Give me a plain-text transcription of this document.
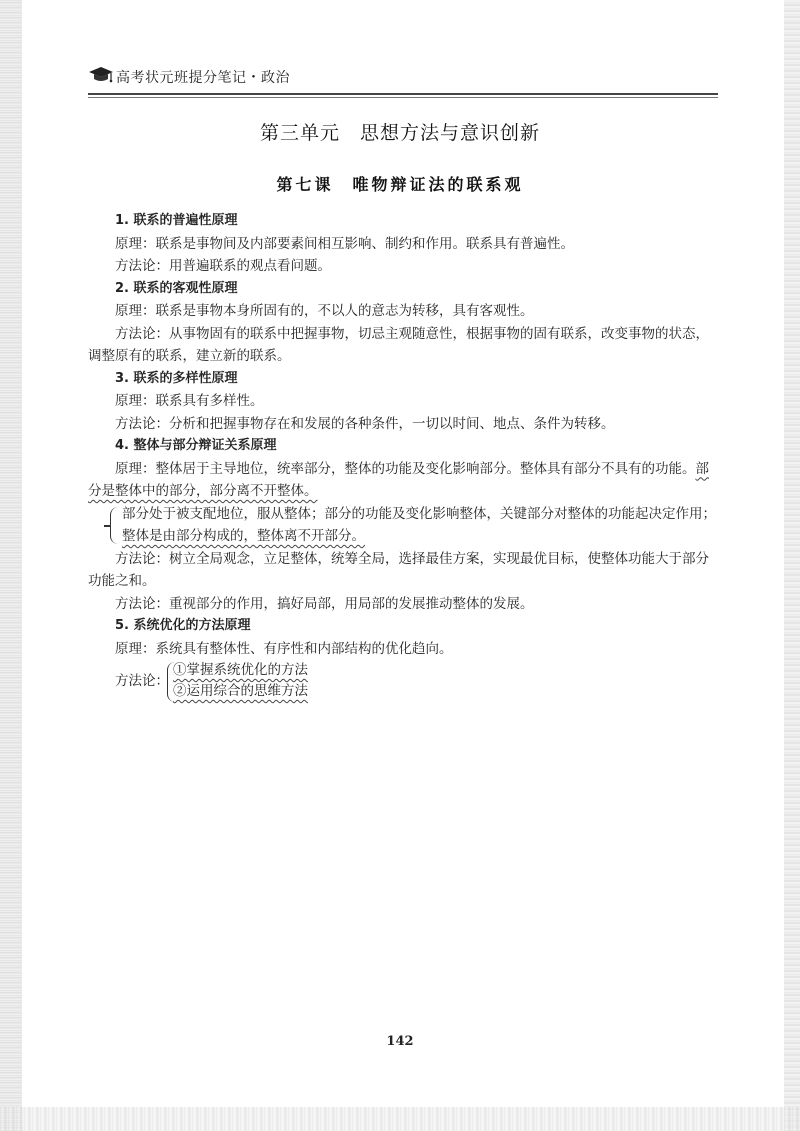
高考状元班提分笔记・政治
第三单元　思想方法与意识创新
第七课　唯物辩证法的联系观

1. 联系的普遍性原理

原理：联系是事物间及内部要素间相互影响、制约和作用。联系具有普遍性。

方法论：用普遍联系的观点看问题。

2. 联系的客观性原理

原理：联系是事物本身所固有的，不以人的意志为转移，具有客观性。

方法论：从事物固有的联系中把握事物，切忌主观随意性，根据事物的固有联系，改变事物的状态，调整原有的联系，建立新的联系。

3. 联系的多样性原理

原理：联系具有多样性。

方法论：分析和把握事物存在和发展的各种条件，一切以时间、地点、条件为转移。

4. 整体与部分辩证关系原理

原理：整体居于主导地位，统率部分，整体的功能及变化影响部分。整体具有部分不具有的功能。部分是整体中的部分，部分离不开整体。

部分处于被支配地位，服从整体；部分的功能及变化影响整体，关键部分对整体的功能起决定作用；

整体是由部分构成的，整体离不开部分。

方法论：树立全局观念，立足整体，统筹全局，选择最佳方案，实现最优目标，使整体功能大于部分功能之和。

方法论：重视部分的作用，搞好局部，用局部的发展推动整体的发展。

5. 系统优化的方法原理

原理：系统具有整体性、有序性和内部结构的优化趋向。

方法论：
①掌握系统优化的方法
②运用综合的思维方法
142
